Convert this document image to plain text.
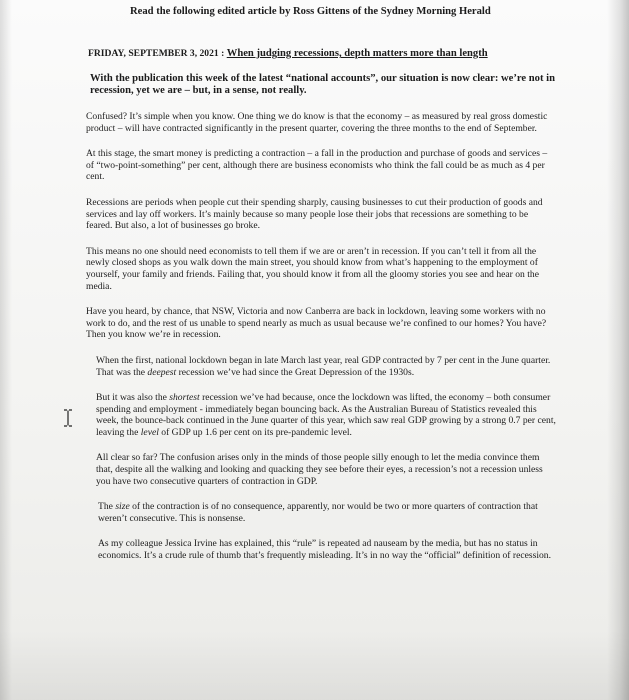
Read the following edited article by Ross Gittens of the Sydney Morning Herald
FRIDAY, SEPTEMBER 3, 2021 : When judging recessions, depth matters more than length
With the publication this week of the latest “national accounts”, our situation is now clear: we’re not in recession, yet we are – but, in a sense, not really.

Confused? It’s simple when you know. One thing we do know is that the economy – as measured by real gross domestic product – will have contracted significantly in the present quarter, covering the three months to the end of September.

At this stage, the smart money is predicting a contraction – a fall in the production and purchase of goods and services – of “two-point-something” per cent, although there are business economists who think the fall could be as much as 4 per cent.

Recessions are periods when people cut their spending sharply, causing businesses to cut their production of goods and services and lay off workers. It’s mainly because so many people lose their jobs that recessions are something to be feared. But also, a lot of businesses go broke.

This means no one should need economists to tell them if we are or aren’t in recession. If you can’t tell it from all the newly closed shops as you walk down the main street, you should know from what’s happening to the employment of yourself, your family and friends. Failing that, you should know it from all the gloomy stories you see and hear on the media.

Have you heard, by chance, that NSW, Victoria and now Canberra are back in lockdown, leaving some workers with no work to do, and the rest of us unable to spend nearly as much as usual because we’re confined to our homes? You have? Then you know we’re in recession.

When the first, national lockdown began in late March last year, real GDP contracted by 7 per cent in the June quarter. That was the deepest recession we’ve had since the Great Depression of the 1930s.

But it was also the shortest recession we’ve had because, once the lockdown was lifted, the economy – both consumer spending and employment - immediately began bouncing back. As the Australian Bureau of Statistics revealed this week, the bounce-back continued in the June quarter of this year, which saw real GDP growing by a strong 0.7 per cent, leaving the level of GDP up 1.6 per cent on its pre-pandemic level.

All clear so far? The confusion arises only in the minds of those people silly enough to let the media convince them that, despite all the walking and looking and quacking they see before their eyes, a recession’s not a recession unless you have two consecutive quarters of contraction in GDP.

The size of the contraction is of no consequence, apparently, nor would be two or more quarters of contraction that weren’t consecutive. This is nonsense.

As my colleague Jessica Irvine has explained, this “rule” is repeated ad nauseam by the media, but has no status in economics. It’s a crude rule of thumb that’s frequently misleading. It’s in no way the “official” definition of recession.
